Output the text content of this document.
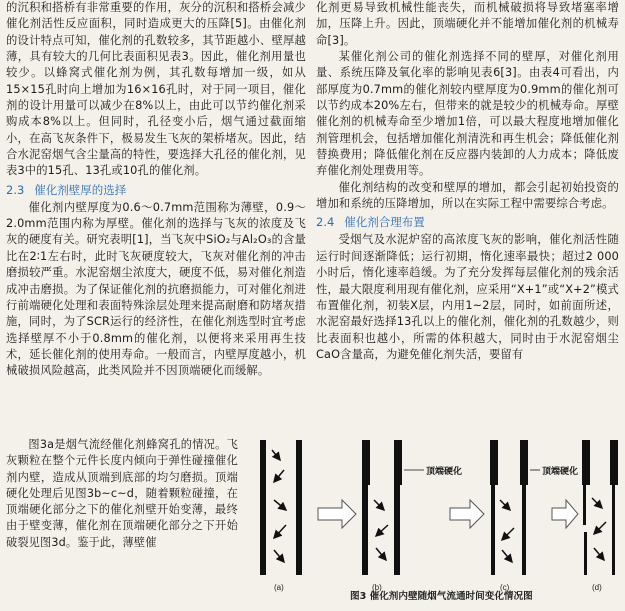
的沉积和搭桥有非常重要的作用，灰分的沉积和搭桥会减少催化剂活性反应面积，同时造成更大的压降[5]。由催化剂的设计特点可知，催化剂的孔数较多，其节距越小、壁厚越薄，具有较大的几何比表面积见表3。因此，催化剂用量也较少。以蜂窝式催化剂为例，其孔数每增加一级，如从15×15孔时向上增加为16×16孔时，对于同一项目，催化剂的设计用量可以减少在8%以上，由此可以节约催化剂采购成本8%以上。但同时，孔径变小后，烟气通过截面缩小，在高飞灰条件下，极易发生飞灰的架桥堵灰。因此，结合水泥窑烟气含尘量高的特性，要选择大孔径的催化剂，见表3中的15孔、13孔或10孔的催化剂。

2.3 催化剂壁厚的选择

催化剂内壁厚度为0.6～0.7mm范围称为薄壁，0.9～2.0mm范围内称为厚壁。催化剂的选择与飞灰的浓度及飞灰的硬度有关。研究表明[1]，当飞灰中SiO₂与Al₂O₃的含量比在2∶1左右时，此时飞灰硬度较大，飞灰对催化剂的冲击磨损较严重。水泥窑烟尘浓度大，硬度不低，易对催化剂造成冲击磨损。为了保证催化剂的抗磨损能力，可对催化剂进行前端硬化处理和表面特殊涂层处理来提高耐磨和防堵灰措施，同时，为了SCR运行的经济性，在催化剂选型时宜考虑选择壁厚不小于0.8mm的催化剂，以便将来采用再生技术，延长催化剂的使用寿命。一般而言，内壁厚度越小，机械破损风险越高，此类风险并不因顶端硬化而缓解。

图3a是烟气流经催化剂蜂窝孔的情况。飞灰颗粒在整个元件长度内倾向于弹性碰撞催化剂内壁，造成从顶端到底部的均匀磨损。顶端硬化处理后见图3b~c~d，随着颗粒碰撞，在顶端硬化部分之下的催化剂壁开始变薄，最终由于壁变薄，催化剂在顶端硬化部分之下开始破裂见图3d。鉴于此，薄壁催

化剂更易导致机械性能丧失，而机械破损将导致堵塞率增加，压降上升。因此，顶端硬化并不能增加催化剂的机械寿命[3]。

某催化剂公司的催化剂选择不同的壁厚，对催化剂用量、系统压降及氧化率的影响见表6[3]。由表4可看出，内部厚度为0.7mm的催化剂较内壁厚度为0.9mm的催化剂可以节约成本20%左右，但带来的就是较少的机械寿命。厚壁催化剂的机械寿命至少增加1倍，可以最大程度地增加催化剂管理机会，包括增加催化剂清洗和再生机会；降低催化剂替换费用；降低催化剂在反应器内装卸的人力成本；降低废弃催化剂处理费用等。

催化剂结构的改变和壁厚的增加，都会引起初始投资的增加和系统的压降增加，所以在实际工程中需要综合考虑。

2.4 催化剂合理布置

受烟气及水泥炉窑的高浓度飞灰的影响，催化剂活性随运行时间逐渐降低；运行初期，惰化速率最快；超过2 000小时后，惰化速率趋缓。为了充分发挥每层催化剂的残余活性，最大限度利用现有催化剂，应采用“X+1”或“X+2”模式布置催化剂，初装X层，内用1~2层，同时，如前面所述，水泥窑最好选择13孔以上的催化剂，催化剂的孔数越少，则比表面积也越小，所需的体积越大，同时由于水泥窑烟尘CaO含量高，为避免催化剂失活，要留有

(a)
顶端硬化
(b)
顶端硬化
(c)	(d)
图3 催化剂内壁随烟气流通时间变化情况图
